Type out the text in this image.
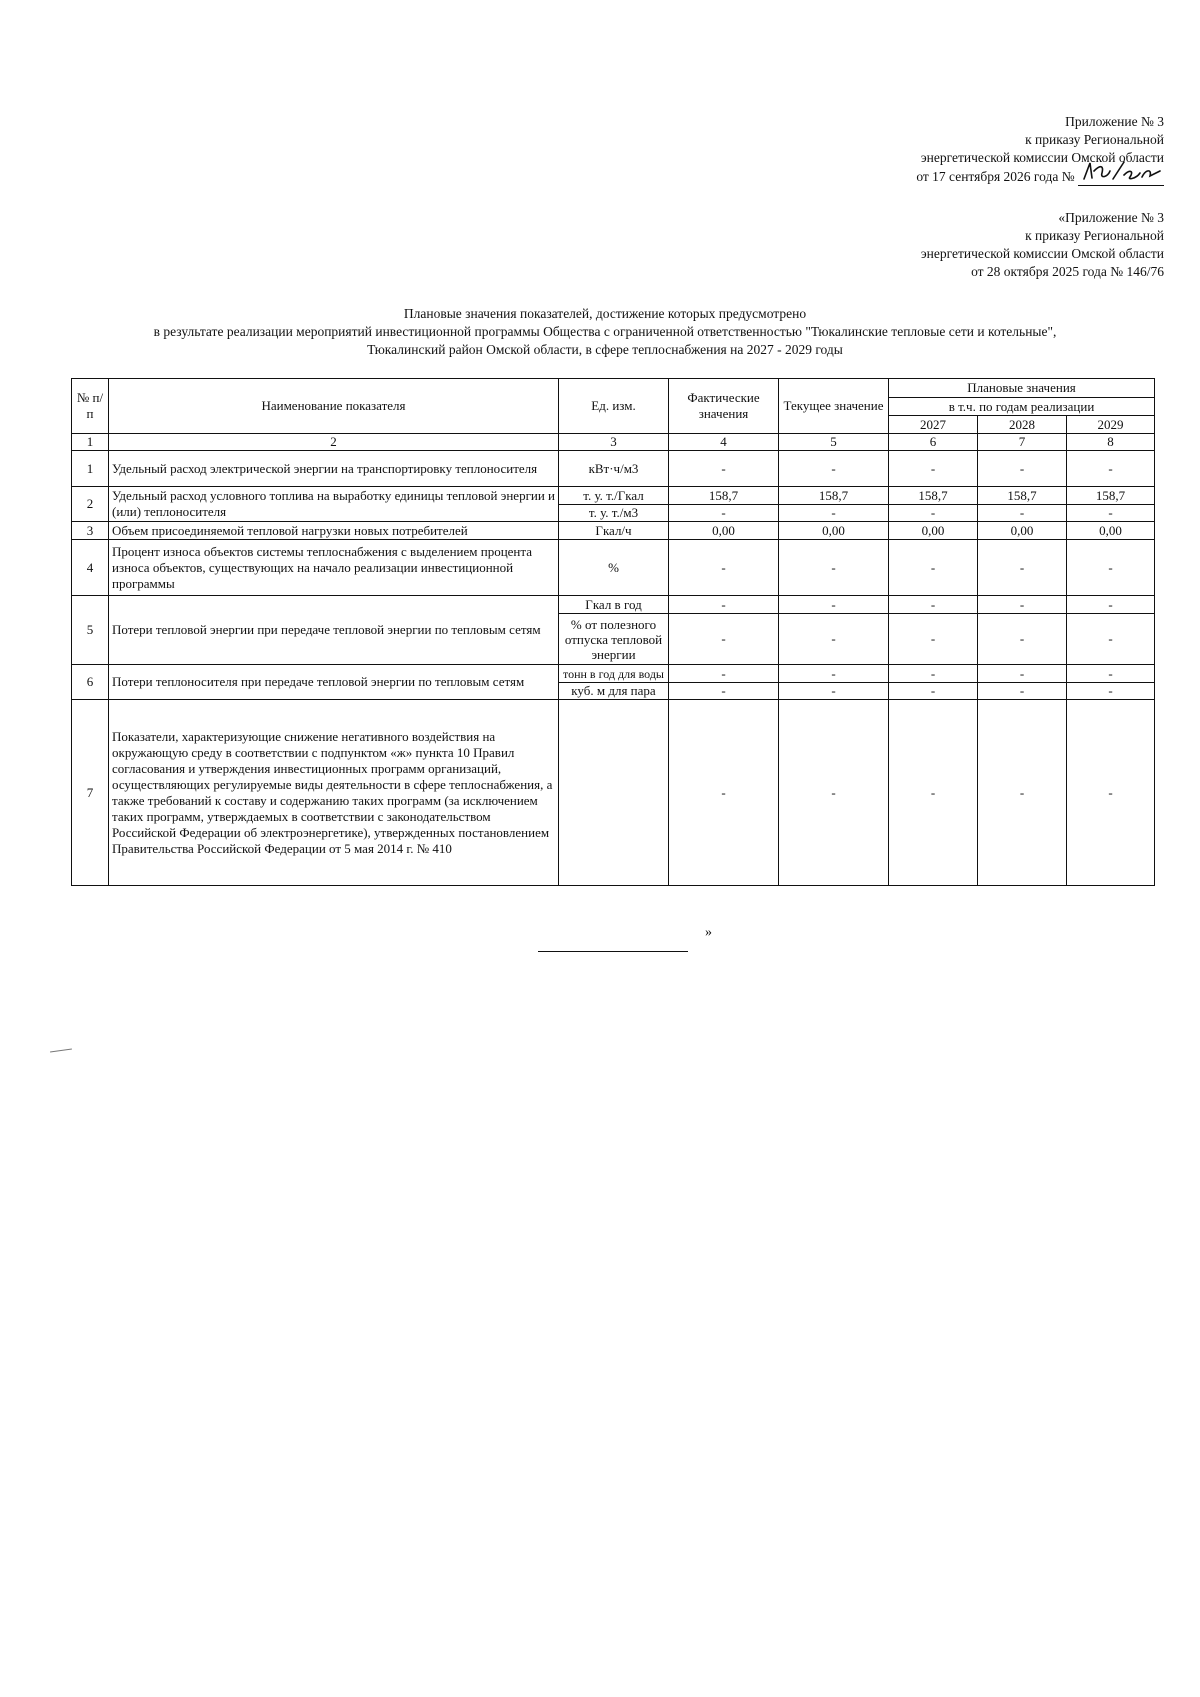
Приложение № 3
к приказу Региональной
энергетической комиссии Омской области
от 17 сентября 2026 года №
«Приложение № 3
к приказу Региональной
энергетической комиссии Омской области
от 28 октября 2025 года № 146/76
Плановые значения показателей, достижение которых предусмотрено
в результате реализации мероприятий инвестиционной программы Общества с ограниченной ответственностью "Тюкалинские тепловые сети и котельные",
Тюкалинский район Омской области, в сфере теплоснабжения на 2027 - 2029 годы
№ п/п	Наименование показателя	Ед. изм.	Фактические значения	Текущее значение	Плановые значения		
					в т.ч. по годам реализации		
					2027	2028	2029
1	2	3	4	5	6	7	8
1	Удельный расход электрической энергии на транспортировку теплоносителя	кВт·ч/м3	-	-	-	-	-
2	Удельный расход условного топлива на выработку единицы тепловой энергии и (или) теплоносителя	т. у. т./Гкал	158,7	158,7	158,7	158,7	158,7
		т. у. т./м3	-	-	-	-	-
3	Объем присоединяемой тепловой нагрузки новых потребителей	Гкал/ч	0,00	0,00	0,00	0,00	0,00
4	Процент износа объектов системы теплоснабжения с выделением процента износа объектов, существующих на начало реализации инвестиционной программы	%	-	-	-	-	-
5	Потери тепловой энергии при передаче тепловой энергии по тепловым сетям	Гкал в год	-	-	-	-	-
		% от полезного отпуска тепловой энергии	-	-	-	-	-
6	Потери теплоносителя при передаче тепловой энергии по тепловым сетям	тонн в год для воды	-	-	-	-	-
		куб. м для пара	-	-	-	-	-
7	Показатели, характеризующие снижение негативного воздействия на окружающую среду в соответствии с подпунктом «ж» пункта 10 Правил согласования и утверждения инвестиционных программ организаций, осуществляющих регулируемые виды деятельности в сфере теплоснабжения, а также требований к составу и содержанию таких программ (за исключением таких программ, утверждаемых в соответствии с законодательством Российской Федерации об электроэнергетике), утвержденных постановлением Правительства Российской Федерации от 5 мая 2014 г. № 410		-	-	-	-	-
»
